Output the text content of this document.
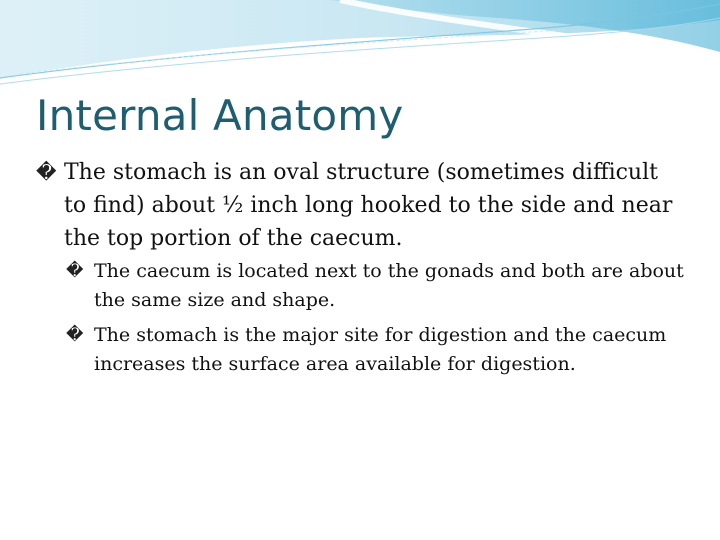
Internal Anatomy
� The stomach is an oval structure (sometimes difficult to find) about ½ inch long hooked to the side and near the top portion of the caecum.
� The caecum is located next to the gonads and both are about the same size and shape.
� The stomach is the major site for digestion and the caecum increases the surface area available for digestion.
